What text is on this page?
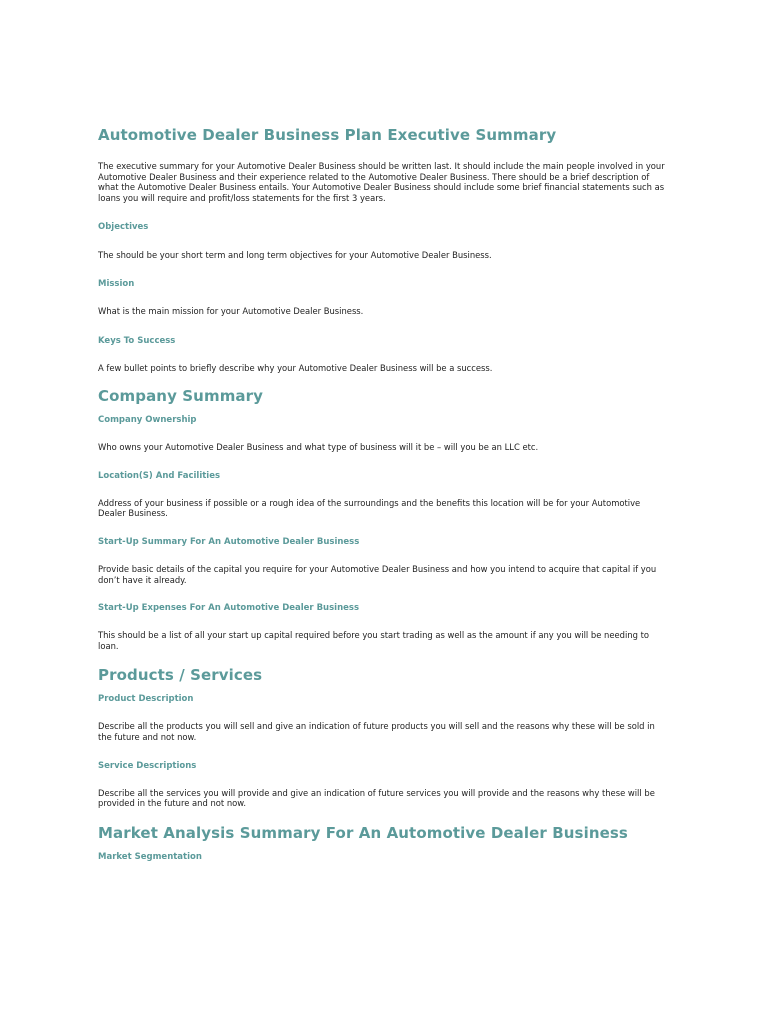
Automotive Dealer Business Plan Executive Summary

The executive summary for your Automotive Dealer Business should be written last. It should include the main people involved in your Automotive Dealer Business and their experience related to the Automotive Dealer Business. There should be a brief description of what the Automotive Dealer Business entails. Your Automotive Dealer Business should include some brief financial statements such as loans you will require and profit/loss statements for the first 3 years.

Objectives

The should be your short term and long term objectives for your Automotive Dealer Business.

Mission

What is the main mission for your Automotive Dealer Business.

Keys To Success

A few bullet points to briefly describe why your Automotive Dealer Business will be a success.

Company Summary
Company Ownership

Who owns your Automotive Dealer Business and what type of business will it be – will you be an LLC etc.

Location(S) And Facilities

Address of your business if possible or a rough idea of the surroundings and the benefits this location will be for your Automotive Dealer Business.

Start-Up Summary For An Automotive Dealer Business

Provide basic details of the capital you require for your Automotive Dealer Business and how you intend to acquire that capital if you don’t have it already.

Start-Up Expenses For An Automotive Dealer Business

This should be a list of all your start up capital required before you start trading as well as the amount if any you will be needing to loan.

Products / Services
Product Description

Describe all the products you will sell and give an indication of future products you will sell and the reasons why these will be sold in the future and not now.

Service Descriptions

Describe all the services you will provide and give an indication of future services you will provide and the reasons why these will be provided in the future and not now.

Market Analysis Summary For An Automotive Dealer Business
Market Segmentation
